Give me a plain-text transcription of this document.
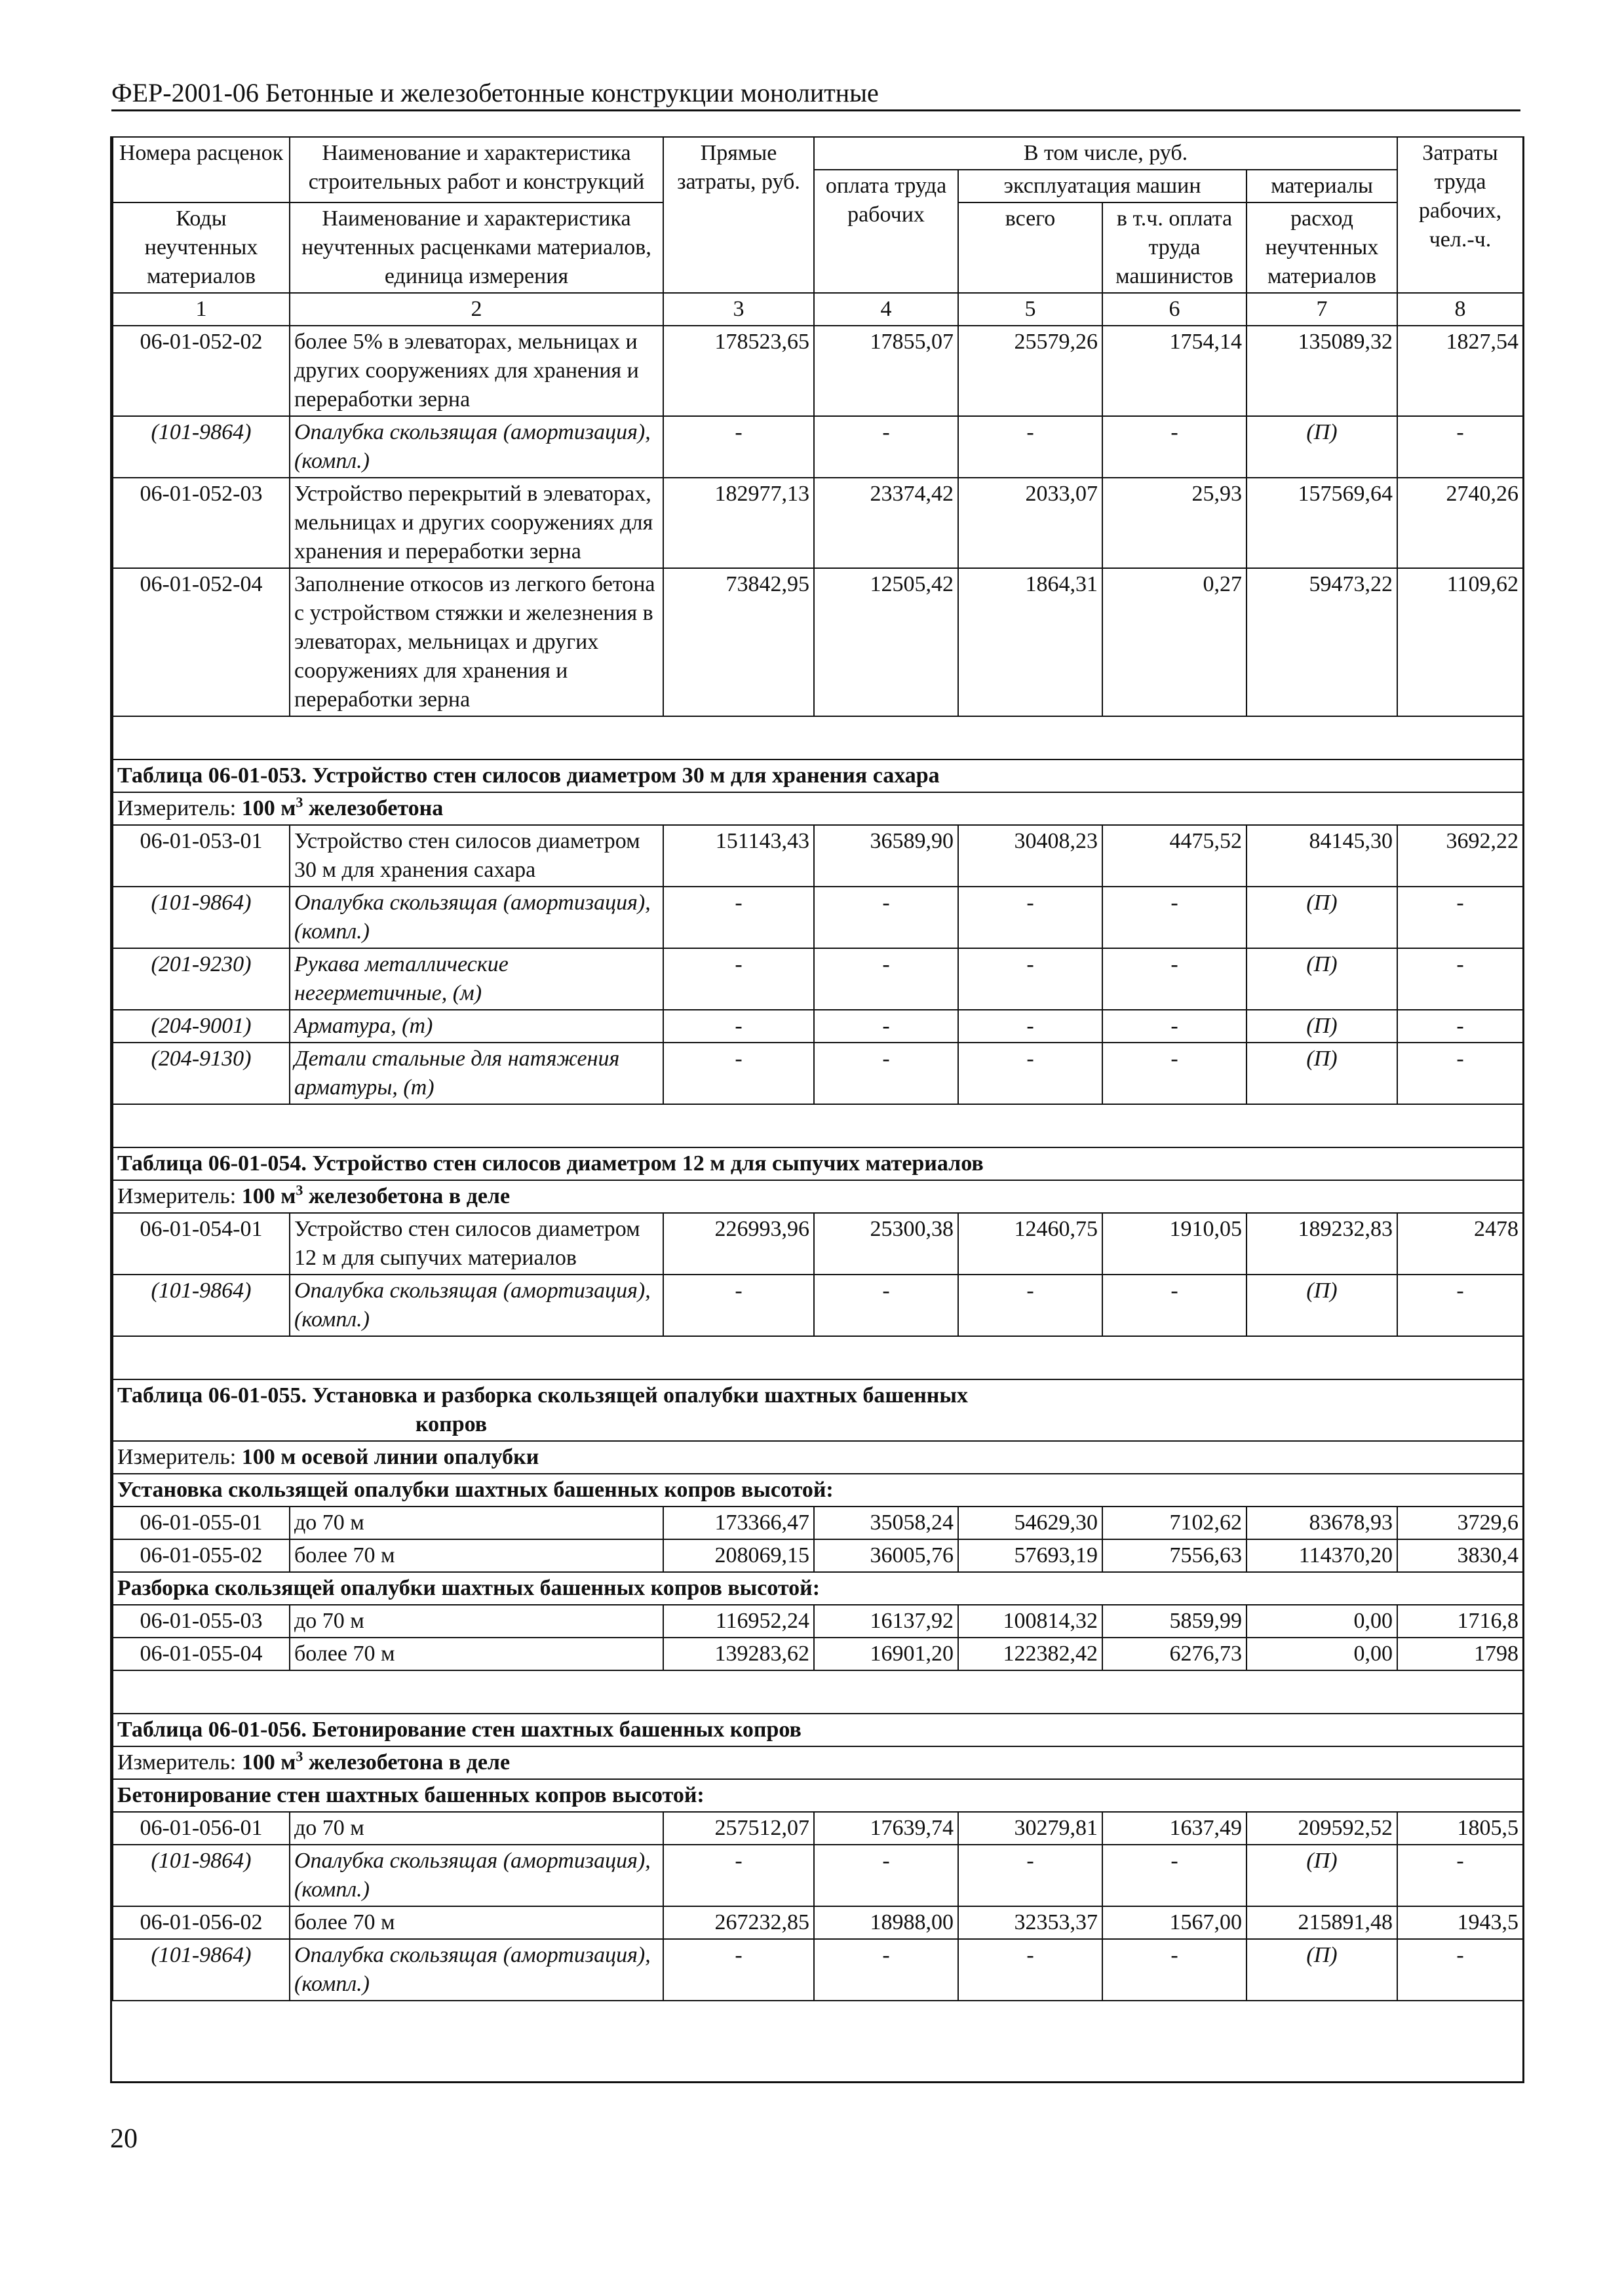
ФЕР-2001-06 Бетонные и железобетонные конструкции монолитные
Номера расценок	Наименование и характеристика строительных работ и конструкций	Прямые затраты, руб.	В том числе, руб.				Затраты труда рабочих, чел.-ч.
			оплата труда рабочих	эксплуатация машин		материалы	
Коды неучтенных материалов	Наименование и характеристика неучтенных расценками материалов, единица измерения			всего	в т.ч. оплата труда машинистов	расход неучтенных материалов	

1	2	3	4	5	6	7	8
06-01-052-02	более 5% в элеваторах, мельницах и других сооружениях для хранения и переработки зерна	178523,65	17855,07	25579,26	1754,14	135089,32	1827,54
(101-9864)	Опалубка скользящая (амортизация), (компл.)	-	-	-	-	(П)	-
06-01-052-03	Устройство перекрытий в элеваторах, мельницах и других сооружениях для хранения и переработки зерна	182977,13	23374,42	2033,07	25,93	157569,64	2740,26
06-01-052-04	Заполнение откосов из легкого бетона с устройством стяжки и железнения в элеваторах, мельницах и других сооружениях для хранения и переработки зерна	73842,95	12505,42	1864,31	0,27	59473,22	1109,62

Таблица 06-01-053. Устройство стен силосов диаметром 30 м для хранения сахара							
Измеритель: 100 $м^3$ железобетона							
06-01-053-01	Устройство стен силосов диаметром 30 м для хранения сахара	151143,43	36589,90	30408,23	4475,52	84145,30	3692,22
(101-9864)	Опалубка скользящая (амортизация), (компл.)	-	-	-	-	(П)	-
(201-9230)	Рукава металлические негерметичные, (м)	-	-	-	-	(П)	-
(204-9001)	Арматура, (т)	-	-	-	-	(П)	-
(204-9130)	Детали стальные для натяжения арматуры, (т)	-	-	-	-	(П)	-

Таблица 06-01-054. Устройство стен силосов диаметром 12 м для сыпучих материалов							
Измеритель: 100 $м^3$ железобетона в деле							
06-01-054-01	Устройство стен силосов диаметром 12 м для сыпучих материалов	226993,96	25300,38	12460,75	1910,05	189232,83	2478
(101-9864)	Опалубка скользящая (амортизация), (компл.)	-	-	-	-	(П)	-

Таблица 06-01-055. Установка и разборка скользящей опалубки шахтных башенных
копров							

Измеритель: 100 м осевой линии опалубки							
Установка скользящей опалубки шахтных башенных копров высотой:							
06-01-055-01	до 70 м	173366,47	35058,24	54629,30	7102,62	83678,93	3729,6
06-01-055-02	более 70 м	208069,15	36005,76	57693,19	7556,63	114370,20	3830,4
Разборка скользящей опалубки шахтных башенных копров высотой:							
06-01-055-03	до 70 м	116952,24	16137,92	100814,32	5859,99	0,00	1716,8
06-01-055-04	более 70 м	139283,62	16901,20	122382,42	6276,73	0,00	1798

Таблица 06-01-056. Бетонирование стен шахтных башенных копров							
Измеритель: 100 $м^3$ железобетона в деле							
Бетонирование стен шахтных башенных копров высотой:							
06-01-056-01	до 70 м	257512,07	17639,74	30279,81	1637,49	209592,52	1805,5
(101-9864)	Опалубка скользящая (амортизация), (компл.)	-	-	-	-	(П)	-
06-01-056-02	более 70 м	267232,85	18988,00	32353,37	1567,00	215891,48	1943,5
(101-9864)	Опалубка скользящая (амортизация), (компл.)	-	-	-	-	(П)	-
20
